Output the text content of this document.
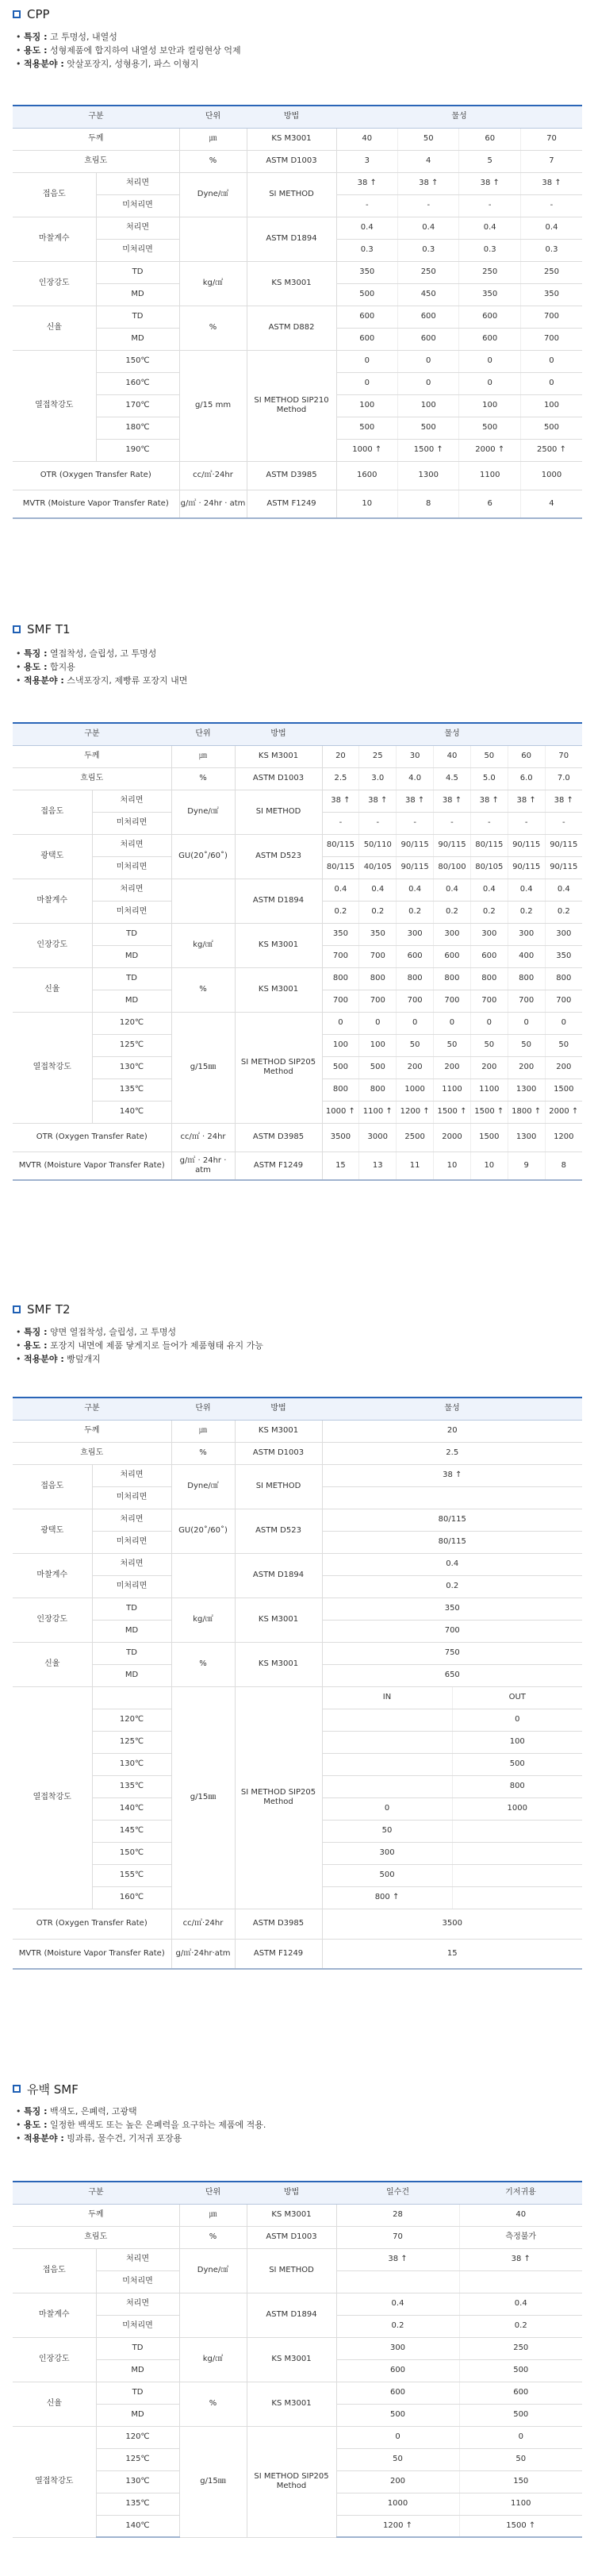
CPP
• 특징 : 고 투명성, 내열성
• 용도 : 성형제품에 합지하여 내열성 보안과 컬링현상 억제
• 적용분야 : 앗살포장지, 성형용기, 파스 이형지
구분		단위	방법	물성			
두께		㎛	KS M3001	40	50	60	70
흐림도		%	ASTM D1003	3	4	5	7
접음도	처리면	Dyne/㎠	SI METHOD	38 ↑	38 ↑	38 ↑	38 ↑
	미처리면			-	-	-	-
마찰계수	처리면		ASTM D1894	0.4	0.4	0.4	0.4
	미처리면			0.3	0.3	0.3	0.3
인장강도	TD	kg/㎠	KS M3001	350	250	250	250
	MD			500	450	350	350
신율	TD	%	ASTM D882	600	600	600	700
	MD			600	600	600	700
열접착강도	150℃	g/15 mm	SI METHOD SIP210 Method	0	0	0	0
	160℃			0	0	0	0
	170℃			100	100	100	100
	180℃			500	500	500	500
	190℃			1000 ↑	1500 ↑	2000 ↑	2500 ↑
OTR (Oxygen Transfer Rate)		cc/㎡·24hr	ASTM D3985	1600	1300	1100	1000
MVTR (Moisture Vapor Transfer Rate)		g/㎡ · 24hr · atm	ASTM F1249	10	8	6	4
SMF T1
• 특징 : 열접착성, 슬립성, 고 투명성
• 용도 : 합지용
• 적용분야 : 스낵포장지, 제빵류 포장지 내면
구분		단위	방법	물성						
두께		㎛	KS M3001	20	25	30	40	50	60	70
흐림도		%	ASTM D1003	2.5	3.0	4.0	4.5	5.0	6.0	7.0
접음도	처리면	Dyne/㎠	SI METHOD	38 ↑	38 ↑	38 ↑	38 ↑	38 ↑	38 ↑	38 ↑
	미처리면			-	-	-	-	-	-	-
광택도	처리면	GU(20˚/60˚)	ASTM D523	80/115	50/110	90/115	90/115	80/115	90/115	90/115
	미처리면			80/115	40/105	90/115	80/100	80/105	90/115	90/115
마찰계수	처리면		ASTM D1894	0.4	0.4	0.4	0.4	0.4	0.4	0.4
	미처리면			0.2	0.2	0.2	0.2	0.2	0.2	0.2
인장강도	TD	kg/㎠	KS M3001	350	350	300	300	300	300	300
	MD			700	700	600	600	600	400	350
신율	TD	%	KS M3001	800	800	800	800	800	800	800
	MD			700	700	700	700	700	700	700
열접착강도	120℃	g/15㎜	SI METHOD SIP205 Method	0	0	0	0	0	0	0
	125℃			100	100	50	50	50	50	50
	130℃			500	500	200	200	200	200	200
	135℃			800	800	1000	1100	1100	1300	1500
	140℃			1000 ↑	1100 ↑	1200 ↑	1500 ↑	1500 ↑	1800 ↑	2000 ↑
OTR (Oxygen Transfer Rate)		cc/㎡ · 24hr	ASTM D3985	3500	3000	2500	2000	1500	1300	1200
MVTR (Moisture Vapor Transfer Rate)		g/㎡ · 24hr · atm	ASTM F1249	15	13	11	10	10	9	8
SMF T2
• 특징 : 양면 열접착성, 슬립성, 고 투명성
• 용도 : 포장지 내면에 제품 닿게지로 들어가 제품형태 유지 가능
• 적용분야 : 빵덮개지
구분		단위	방법	물성	
두께		㎛	KS M3001	20	
흐림도		%	ASTM D1003	2.5	
접음도	처리면	Dyne/㎠	SI METHOD	38 ↑	
	미처리면				
광택도	처리면	GU(20˚/60˚)	ASTM D523	80/115	
	미처리면			80/115	
마찰계수	처리면		ASTM D1894	0.4	
	미처리면			0.2	
인장강도	TD	kg/㎠	KS M3001	350	
	MD			700	
신율	TD	%	KS M3001	750	
	MD			650	
열접착강도		g/15㎜	SI METHOD SIP205 Method	IN	OUT
	120℃				0
	125℃				100
	130℃				500
	135℃				800
	140℃			0	1000
	145℃			50	
	150℃			300	
	155℃			500	
	160℃			800 ↑	
OTR (Oxygen Transfer Rate)		cc/㎡·24hr	ASTM D3985	3500	
MVTR (Moisture Vapor Transfer Rate)		g/㎡·24hr·atm	ASTM F1249	15	
유백 SMF
• 특징 : 백색도, 은폐력, 고광택
• 용도 : 일정한 백색도 또는 높은 은폐력을 요구하는 제품에 적용.
• 적용분야 : 빙과류, 물수건, 기저귀 포장용
구분		단위	방법	일수건	기저귀용
두께		㎛	KS M3001	28	40
흐림도		%	ASTM D1003	70	측정불가
접음도	처리면	Dyne/㎠	SI METHOD	38 ↑	38 ↑
	미처리면				
마찰계수	처리면		ASTM D1894	0.4	0.4
	미처리면			0.2	0.2
인장강도	TD	kg/㎠	KS M3001	300	250
	MD			600	500
신율	TD	%	KS M3001	600	600
	MD			500	500
열접착강도	120℃	g/15㎜	SI METHOD SIP205 Method	0	0
	125℃			50	50
	130℃			200	150
	135℃			1000	1100
	140℃			1200 ↑	1500 ↑
